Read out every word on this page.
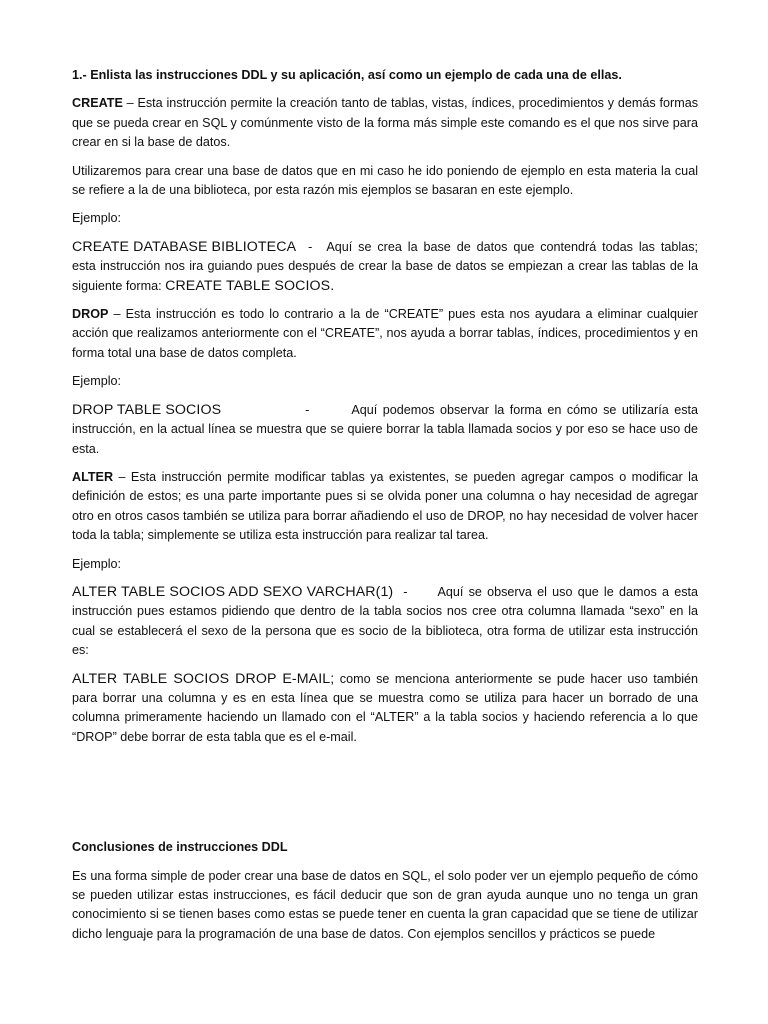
1.- Enlista las instrucciones DDL y su aplicación, así como un ejemplo de cada una de ellas.

CREATE – Esta instrucción permite la creación tanto de tablas, vistas, índices, procedimientos y demás formas que se pueda crear en SQL y comúnmente visto de la forma más simple este comando es el que nos sirve para crear en si la base de datos.

Utilizaremos para crear una base de datos que en mi caso he ido poniendo de ejemplo en esta materia la cual se refiere a la de una biblioteca, por esta razón mis ejemplos se basaran en este ejemplo.

Ejemplo:

CREATE DATABASE BIBLIOTECA -	Aquí se crea la base de datos que contendrá todas las tablas;

esta instrucción nos ira guiando pues después de crear la base de datos se empiezan a crear las tablas de la siguiente forma: CREATE TABLE SOCIOS.

DROP – Esta instrucción es todo lo contrario a la de “CREATE” pues esta nos ayudara a eliminar cualquier acción que realizamos anteriormente con el “CREATE”, nos ayuda a borrar tablas, índices, procedimientos y en forma total una base de datos completa.

Ejemplo:

DROP TABLE SOCIOS	-	Aquí podemos observar la forma en cómo se utilizaría esta

instrucción, en la actual línea se muestra que se quiere borrar la tabla llamada socios y por eso se hace uso de esta.

ALTER – Esta instrucción permite modificar tablas ya existentes, se pueden agregar campos o modificar la definición de estos; es una parte importante pues si se olvida poner una columna o hay necesidad de agregar otro en otros casos también se utiliza para borrar añadiendo el uso de DROP, no hay necesidad de volver hacer toda la tabla; simplemente se utiliza esta instrucción para realizar tal tarea.

Ejemplo:

ALTER TABLE SOCIOS ADD SEXO VARCHAR(1) -	Aquí se observa el uso que le damos a esta

instrucción pues estamos pidiendo que dentro de la tabla socios nos cree otra columna llamada “sexo” en la cual se establecerá el sexo de la persona que es socio de la biblioteca, otra forma de utilizar esta instrucción es:

ALTER TABLE SOCIOS DROP E-MAIL; como se menciona anteriormente se pude hacer uso también para borrar una columna y es en esta línea que se muestra como se utiliza para hacer un borrado de una columna primeramente haciendo un llamado con el “ALTER” a la tabla socios y haciendo referencia a lo que “DROP” debe borrar de esta tabla que es el e-mail.

Conclusiones de instrucciones DDL

Es una forma simple de poder crear una base de datos en SQL, el solo poder ver un ejemplo pequeño de cómo se pueden utilizar estas instrucciones, es fácil deducir que son de gran ayuda aunque uno no tenga un gran conocimiento si se tienen bases como estas se puede tener en cuenta la gran capacidad que se tiene de utilizar dicho lenguaje para la programación de una base de datos. Con ejemplos sencillos y prácticos se puede
